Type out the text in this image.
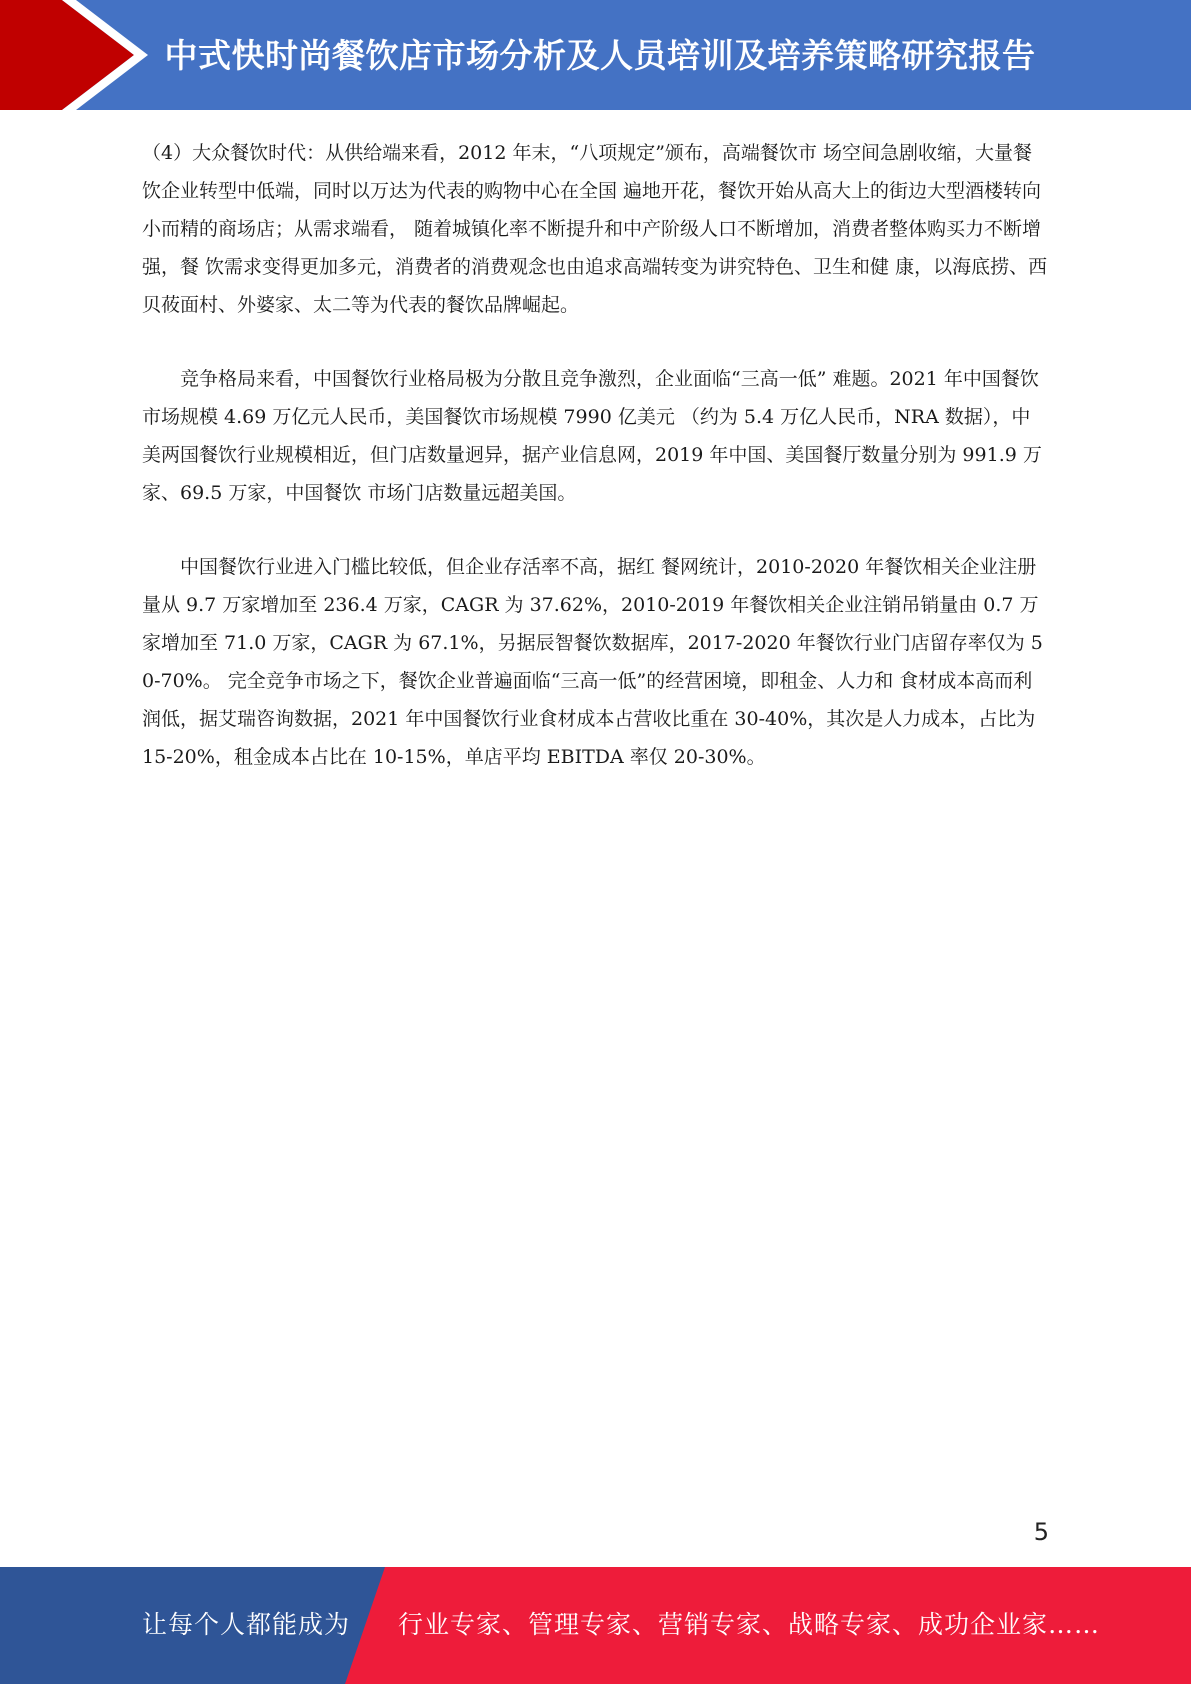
中式快时尚餐饮店市场分析及人员培训及培养策略研究报告

（4）大众餐饮时代：从供给端来看，2012 年末，“八项规定”颁布，高端餐饮市 场空间急剧收缩，大量餐饮企业转型中低端，同时以万达为代表的购物中心在全国 遍地开花，餐饮开始从高大上的街边大型酒楼转向小而精的商场店；从需求端看， 随着城镇化率不断提升和中产阶级人口不断增加，消费者整体购买力不断增强，餐 饮需求变得更加多元，消费者的消费观念也由追求高端转变为讲究特色、卫生和健 康，以海底捞、西贝莜面村、外婆家、太二等为代表的餐饮品牌崛起。

竞争格局来看，中国餐饮行业格局极为分散且竞争激烈，企业面临“三高一低” 难题。2021 年中国餐饮市场规模 4.69 万亿元人民币，美国餐饮市场规模 7990 亿美元 （约为 5.4 万亿人民币，NRA 数据），中美两国餐饮行业规模相近，但门店数量迥异，据产业信息网，2019 年中国、美国餐厅数量分别为 991.9 万家、69.5 万家，中国餐饮 市场门店数量远超美国。

中国餐饮行业进入门槛比较低，但企业存活率不高，据红 餐网统计，2010-2020 年餐饮相关企业注册量从 9.7 万家增加至 236.4 万家，CAGR 为 37.62%，2010-2019 年餐饮相关企业注销吊销量由 0.7 万家增加至 71.0 万家，CAGR 为 67.1%，另据辰智餐饮数据库，2017-2020 年餐饮行业门店留存率仅为 50-70%。 完全竞争市场之下，餐饮企业普遍面临“三高一低”的经营困境，即租金、人力和 食材成本高而利润低，据艾瑞咨询数据，2021 年中国餐饮行业食材成本占营收比重在 30-40%，其次是人力成本，占比为 15-20%，租金成本占比在 10-15%，单店平均 EBITDA 率仅 20-30%。

5
让每个人都能成为 行业专家、管理专家、营销专家、战略专家、成功企业家……
